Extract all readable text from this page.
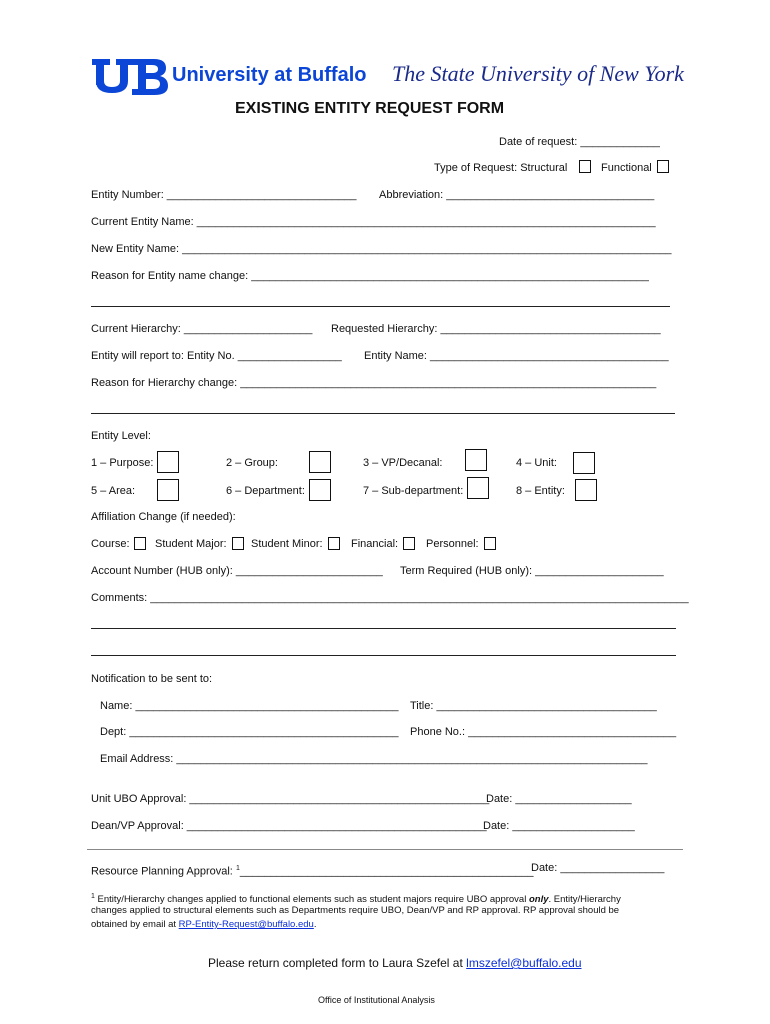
University at Buffalo The State University of New York
EXISTING ENTITY REQUEST FORM
Date of request: _____________
Type of Request: Structural	Functional
Entity Number: _______________________________ Abbreviation: __________________________________
Current Entity Name: ___________________________________________________________________________
New Entity Name: ________________________________________________________________________________
Reason for Entity name change: _________________________________________________________________
Current Hierarchy: _____________________ Requested Hierarchy: ____________________________________
Entity will report to: Entity No. _________________ Entity Name: _______________________________________
Reason for Hierarchy change: ____________________________________________________________________
Entity Level:
1 – Purpose:	2 – Group:	3 – VP/Decanal:	4 – Unit:
5 – Area:	6 – Department:	7 – Sub-department:	8 – Entity:
Affiliation Change (if needed):
Course: Student Major: Student Minor:	Financial:	Personnel:
Account Number (HUB only): ________________________ Term Required (HUB only): _____________________
Comments: ________________________________________________________________________________________
Notification to be sent to:
Name: ___________________________________________ Title: ____________________________________
Dept: ____________________________________________ Phone No.: __________________________________
Email Address: _____________________________________________________________________________
Unit UBO Approval: _________________________________________________
Date: ___________________
Dean/VP Approval: _________________________________________________
Date: ____________________
Resource Planning Approval: $^1$________________________________________________
Date: _________________
$^1$ Entity/Hierarchy changes applied to functional elements such as student majors require UBO approval only. Entity/Hierarchy
changes applied to structural elements such as Departments require UBO, Dean/VP and RP approval. RP approval should be
obtained by email at RP-Entity-Request@buffalo.edu.
Please return completed form to Laura Szefel at lmszefel@buffalo.edu
Office of Institutional Analysis
